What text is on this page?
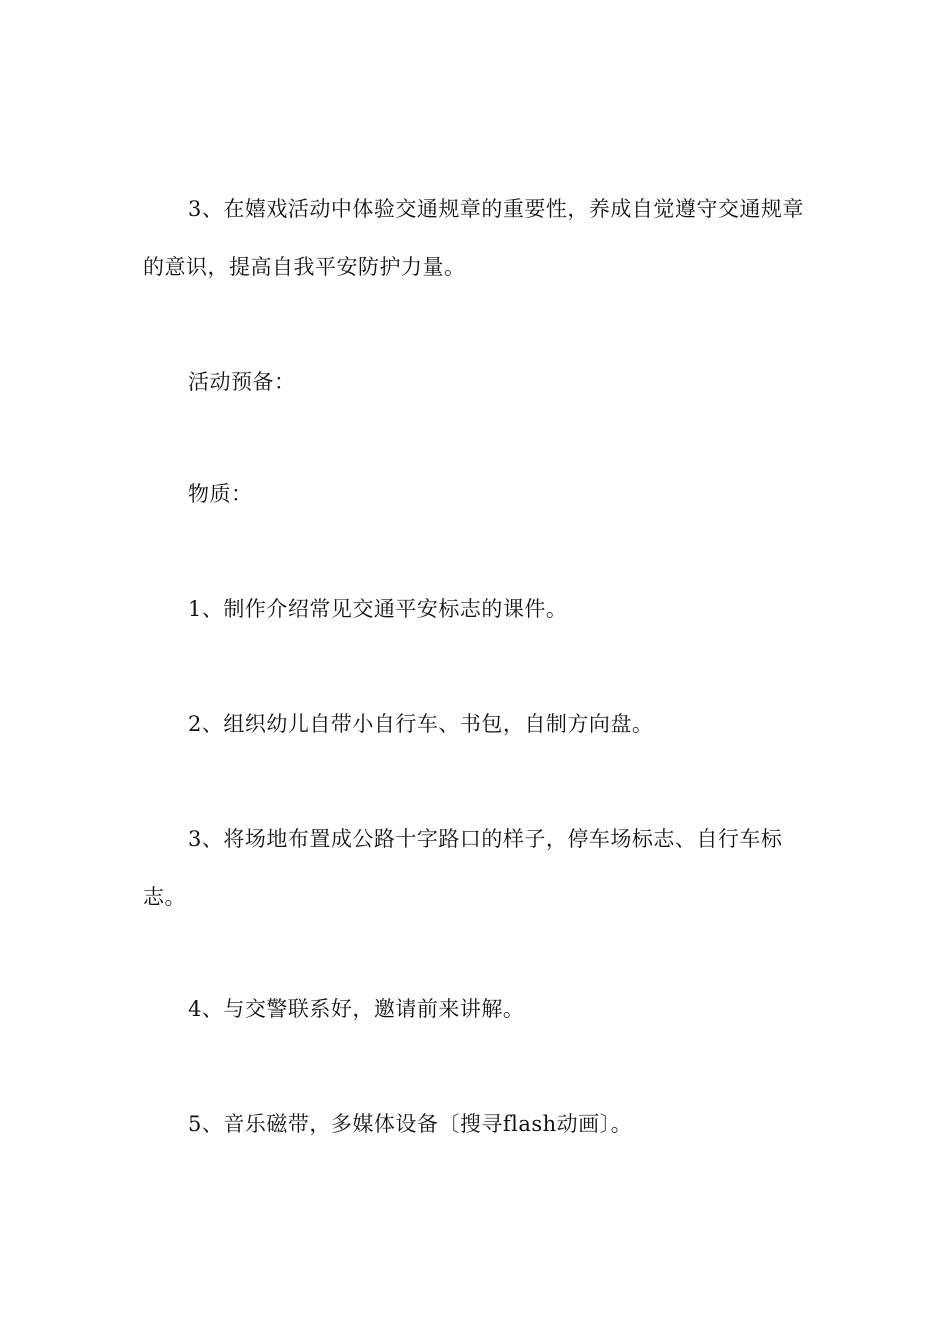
3、在嬉戏活动中体验交通规章的重要性，养成自觉遵守交通规章的意识，提高自我平安防护力量。

活动预备：

物质：

1、制作介绍常见交通平安标志的课件。

2、组织幼儿自带小自行车、书包，自制方向盘。

3、将场地布置成公路十字路口的样子，停车场标志、自行车标志。

4、与交警联系好，邀请前来讲解。

5、音乐磁带，多媒体设备〔搜寻flash动画〕。
